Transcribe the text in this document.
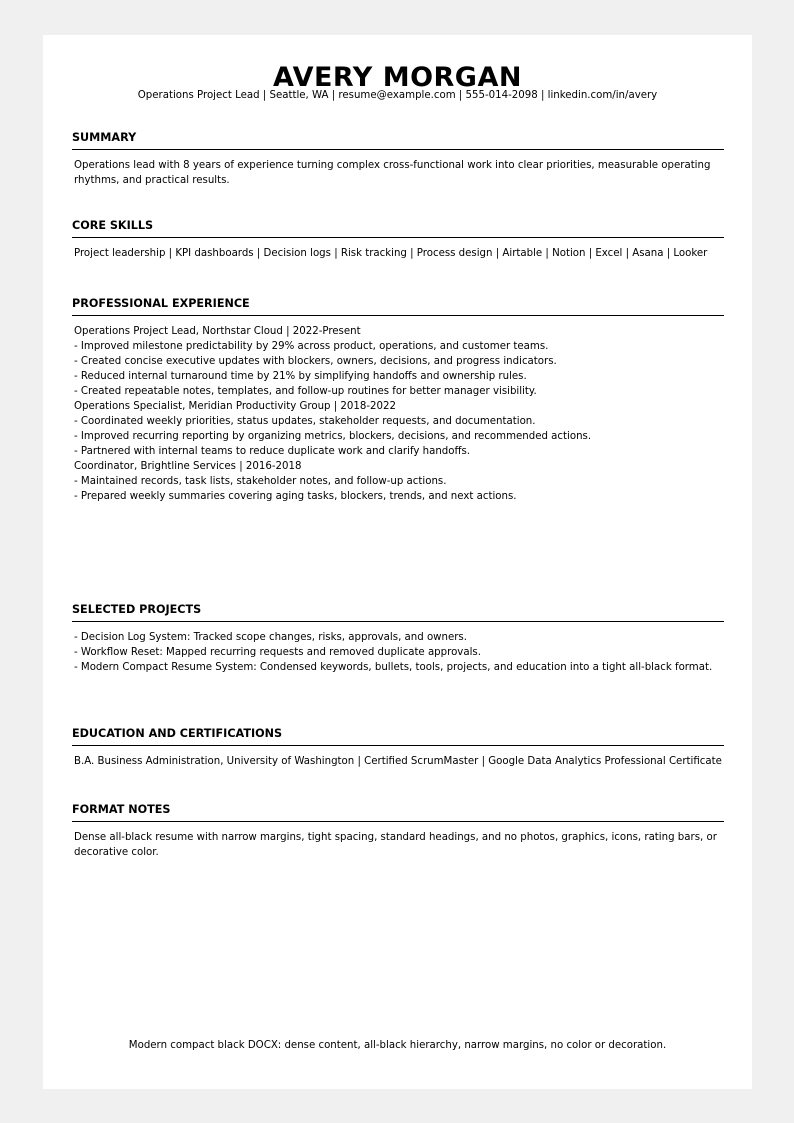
AVERY MORGAN
Operations Project Lead | Seattle, WA | resume@example.com | 555-014-2098 | linkedin.com/in/avery
SUMMARY
Operations lead with 8 years of experience turning complex cross-functional work into clear priorities, measurable operating rhythms, and practical results.
CORE SKILLS
Project leadership | KPI dashboards | Decision logs | Risk tracking | Process design | Airtable | Notion | Excel | Asana | Looker
PROFESSIONAL EXPERIENCE
Operations Project Lead, Northstar Cloud | 2022-Present
- Improved milestone predictability by 29% across product, operations, and customer teams.
- Created concise executive updates with blockers, owners, decisions, and progress indicators.
- Reduced internal turnaround time by 21% by simplifying handoffs and ownership rules.
- Created repeatable notes, templates, and follow-up routines for better manager visibility.
Operations Specialist, Meridian Productivity Group | 2018-2022
- Coordinated weekly priorities, status updates, stakeholder requests, and documentation.
- Improved recurring reporting by organizing metrics, blockers, decisions, and recommended actions.
- Partnered with internal teams to reduce duplicate work and clarify handoffs.
Coordinator, Brightline Services | 2016-2018
- Maintained records, task lists, stakeholder notes, and follow-up actions.
- Prepared weekly summaries covering aging tasks, blockers, trends, and next actions.
SELECTED PROJECTS
- Decision Log System: Tracked scope changes, risks, approvals, and owners.
- Workflow Reset: Mapped recurring requests and removed duplicate approvals.
- Modern Compact Resume System: Condensed keywords, bullets, tools, projects, and education into a tight all-black format.
EDUCATION AND CERTIFICATIONS
B.A. Business Administration, University of Washington | Certified ScrumMaster | Google Data Analytics Professional Certificate
FORMAT NOTES
Dense all-black resume with narrow margins, tight spacing, standard headings, and no photos, graphics, icons, rating bars, or decorative color.
Modern compact black DOCX: dense content, all-black hierarchy, narrow margins, no color or decoration.
